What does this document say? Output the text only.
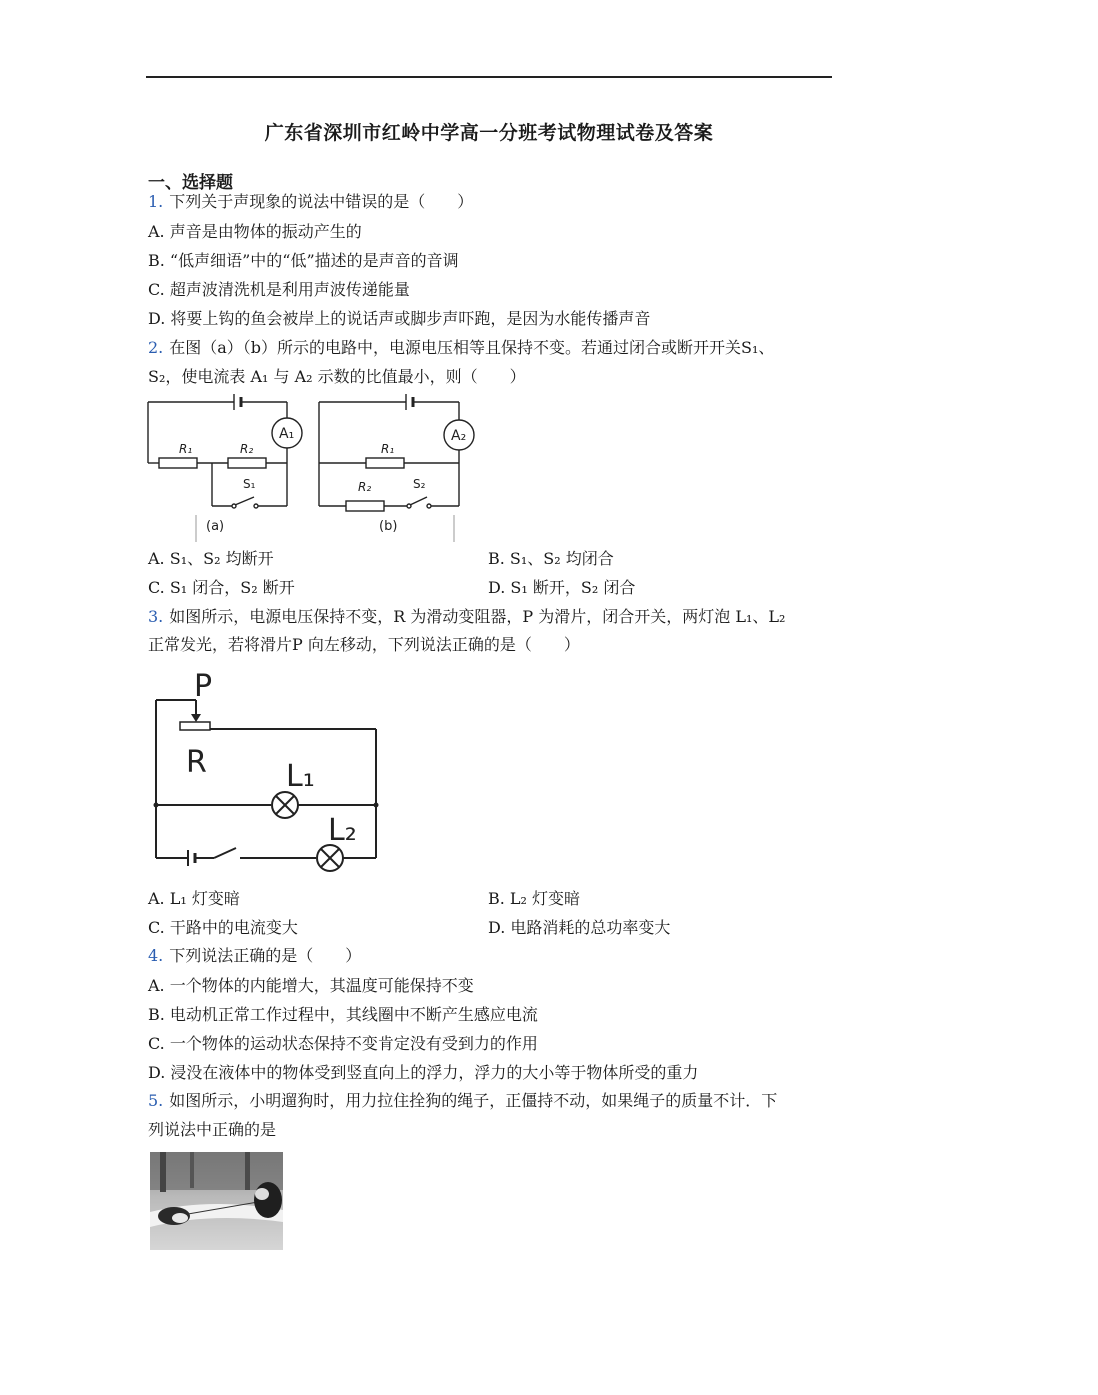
广东省深圳市红岭中学高一分班考试物理试卷及答案
一、选择题
1. 下列关于声现象的说法中错误的是（　　）
A. 声音是由物体的振动产生的
B. “低声细语”中的“低”描述的是声音的音调
C. 超声波清洗机是利用声波传递能量
D. 将要上钩的鱼会被岸上的说话声或脚步声吓跑，是因为水能传播声音
2. 在图（a）（b）所示的电路中，电源电压相等且保持不变。若通过闭合或断开开关S₁、
S₂，使电流表 A₁ 与 A₂ 示数的比值最小，则（　　）
R₁	R₂
S₁
A₁
(a)
R₁
R₂	S₂
A₂
(b)
A. S₁、S₂ 均断开	B. S₁、S₂ 均闭合
C. S₁ 闭合，S₂ 断开	D. S₁ 断开，S₂ 闭合
3. 如图所示，电源电压保持不变，R 为滑动变阻器，P 为滑片，闭合开关，两灯泡 L₁、L₂
正常发光，若将滑片P 向左移动，下列说法正确的是（　　）
P
R	L₁
L₂
A. L₁ 灯变暗	B. L₂ 灯变暗
C. 干路中的电流变大	D. 电路消耗的总功率变大
4. 下列说法正确的是（　　）
A. 一个物体的内能增大，其温度可能保持不变
B. 电动机正常工作过程中，其线圈中不断产生感应电流
C. 一个物体的运动状态保持不变肯定没有受到力的作用
D. 浸没在液体中的物体受到竖直向上的浮力，浮力的大小等于物体所受的重力
5. 如图所示，小明遛狗时，用力拉住拴狗的绳子，正僵持不动，如果绳子的质量不计．下
列说法中正确的是
